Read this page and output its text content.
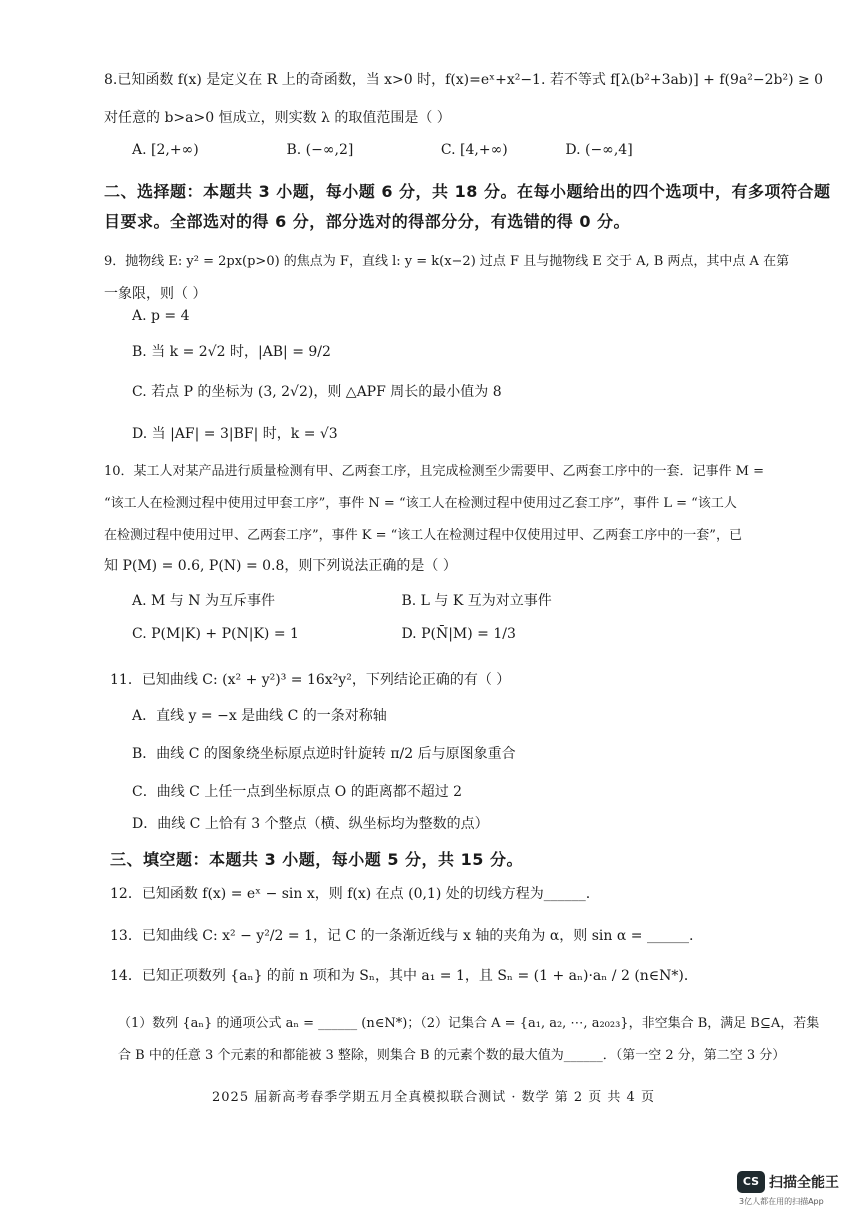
8.已知函数 f(x) 是定义在 R 上的奇函数，当 x>0 时，f(x)=eˣ+x²−1. 若不等式 f[λ(b²+3ab)] + f(9a²−2b²) ≥ 0
对任意的 b>a>0 恒成立，则实数 λ 的取值范围是（ ）
A. [2,+∞)	B. (−∞,2]	C. [4,+∞)	D. (−∞,4]
二、选择题：本题共 3 小题，每小题 6 分，共 18 分。在每小题给出的四个选项中，有多项符合题
目要求。全部选对的得 6 分，部分选对的得部分分，有选错的得 0 分。
9．抛物线 E: y² = 2px(p>0) 的焦点为 F，直线 l: y = k(x−2) 过点 F 且与抛物线 E 交于 A, B 两点，其中点 A 在第
一象限，则（ ）
A. p = 4
B. 当 k = 2√2 时，|AB| = 9/2
C. 若点 P 的坐标为 (3, 2√2)，则 △APF 周长的最小值为 8
D. 当 |AF| = 3|BF| 时，k = √3
10．某工人对某产品进行质量检测有甲、乙两套工序，且完成检测至少需要甲、乙两套工序中的一套．记事件 M =
“该工人在检测过程中使用过甲套工序”，事件 N = “该工人在检测过程中使用过乙套工序”，事件 L = “该工人
在检测过程中使用过甲、乙两套工序”，事件 K = “该工人在检测过程中仅使用过甲、乙两套工序中的一套”，已
知 P(M) = 0.6, P(N) = 0.8，则下列说法正确的是（ ）
A. M 与 N 为互斥事件	B. L 与 K 互为对立事件
C. P(M|K) + P(N|K) = 1	D. P(N̄|M) = 1/3
11．已知曲线 C: (x² + y²)³ = 16x²y²，下列结论正确的有（ ）
A．直线 y = −x 是曲线 C 的一条对称轴
B．曲线 C 的图象绕坐标原点逆时针旋转 π/2 后与原图象重合
C．曲线 C 上任一点到坐标原点 O 的距离都不超过 2
D．曲线 C 上恰有 3 个整点（横、纵坐标均为整数的点）
三、填空题：本题共 3 小题，每小题 5 分，共 15 分。
12．已知函数 f(x) = eˣ − sin x，则 f(x) 在点 (0,1) 处的切线方程为______.
13．已知曲线 C: x² − y²/2 = 1，记 C 的一条渐近线与 x 轴的夹角为 α，则 sin α = ______.
14．已知正项数列 {aₙ} 的前 n 项和为 Sₙ，其中 a₁ = 1，且 Sₙ = (1 + aₙ)·aₙ / 2 (n∈N*)．
（1）数列 {aₙ} 的通项公式 aₙ = ______ (n∈N*)；（2）记集合 A = {a₁, a₂, ⋯, a₂₀₂₃}，非空集合 B，满足 B⊆A，若集
合 B 中的任意 3 个元素的和都能被 3 整除，则集合 B 的元素个数的最大值为______．（第一空 2 分，第二空 3 分）
2025 届新高考春季学期五月全真模拟联合测试 · 数学 第 2 页 共 4 页
CS 扫描全能王
3亿人都在用的扫描App
